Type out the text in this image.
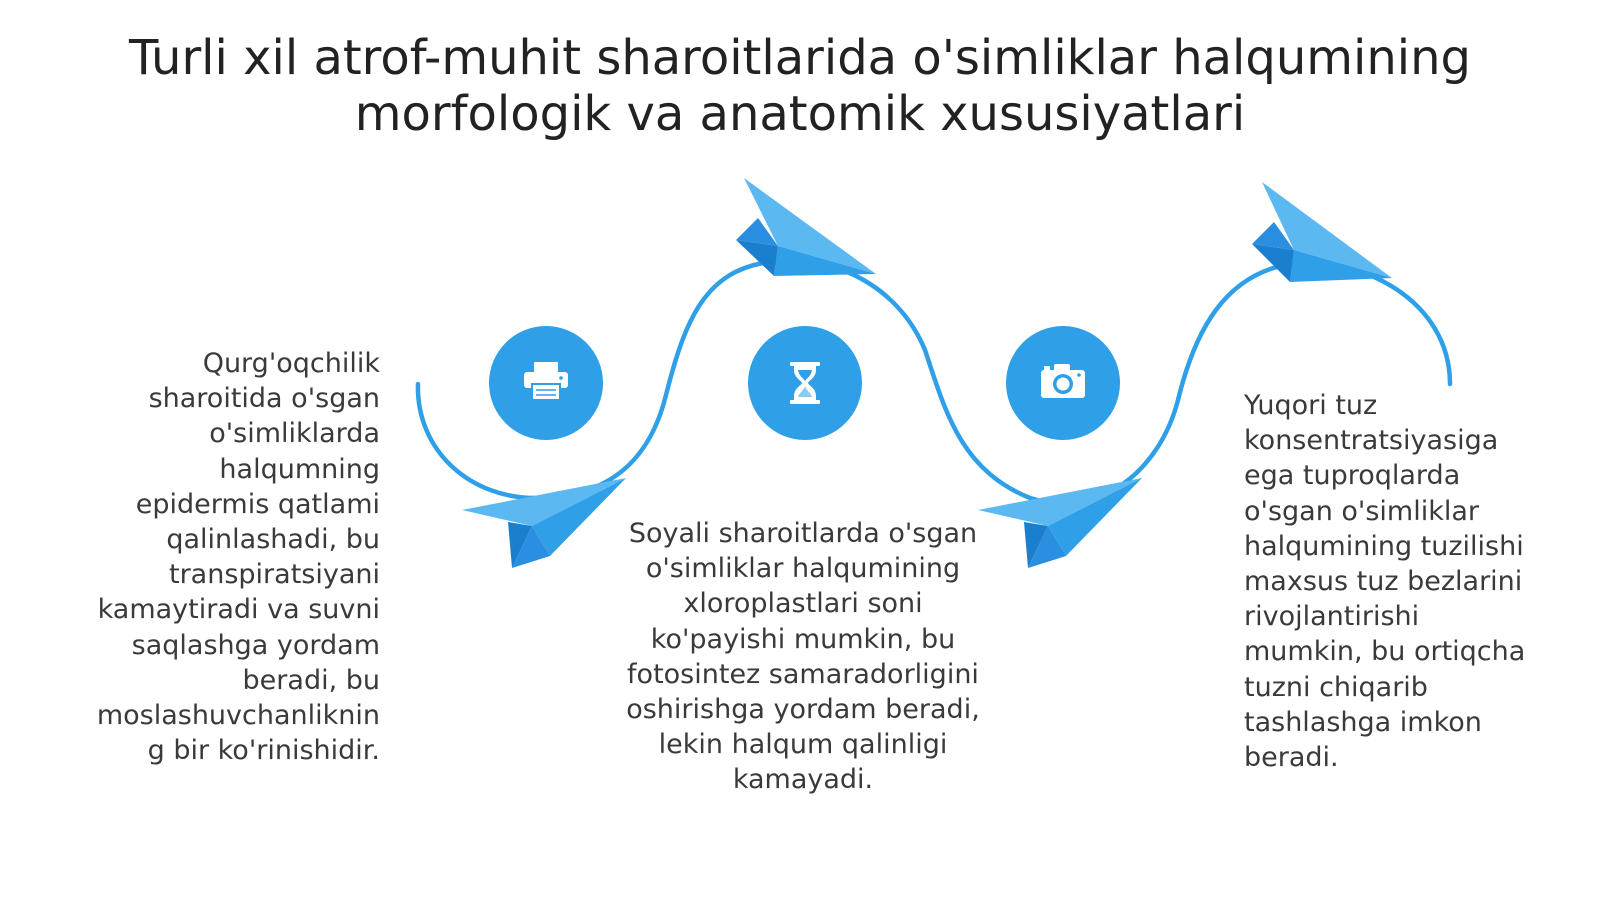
Turli xil atrof-muhit sharoitlarida o'simliklar halqumining
morfologik va anatomik xususiyatlari

Qurg'oqchilik
sharoitida o'sgan
o'simliklarda
halqumning
epidermis qatlami
qalinlashadi, bu
transpiratsiyani
kamaytiradi va suvni
saqlashga yordam
beradi, bu
moslashuvchanliknin
g bir ko'rinishidir.

Soyali sharoitlarda o'sgan
o'simliklar halqumining
xloroplastlari soni
ko'payishi mumkin, bu
fotosintez samaradorligini
oshirishga yordam beradi,
lekin halqum qalinligi
kamayadi.

Yuqori tuz
konsentratsiyasiga
ega tuproqlarda
o'sgan o'simliklar
halqumining tuzilishi
maxsus tuz bezlarini
rivojlantirishi
mumkin, bu ortiqcha
tuzni chiqarib
tashlashga imkon
beradi.
